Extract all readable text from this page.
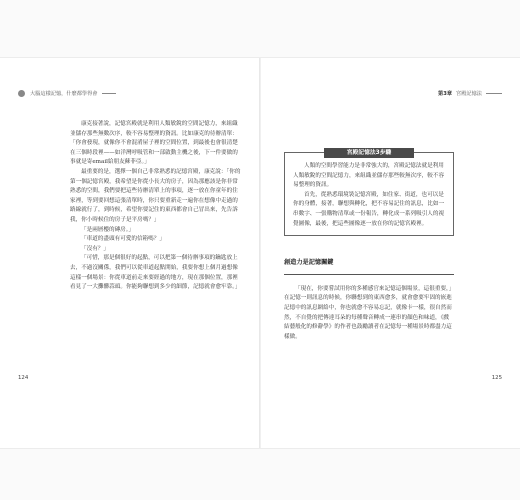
大腦這樣記憶，什麼都學得會	第3章 宮殿記憶法

康克接著說，記憶宮殿就是利用人類敏銳的空間記憶力，來組織並儲存那些無數次序，較不容易整理的資訊。比如康克的待辦清單：「你會發現，就像你不會混淆屋子裡的空間位置，到最後也會很清楚在三個時段裡——如洋灣呼吸管和一部啟動主機之後，下一件要做的事就是寄email給朋友蘇菲亞。」

最重要的是，選擇一個自己非常熟悉的記憶宮殿，康克說：「你的第一個記憶宮殿，我希望是你從小長大的房子，因為那應該是你非常熟悉的空間，我們要把這些待辦清單上的事項，逐一放在你童年的住家裡，等到要回想這張清單時，你只要重新走一遍你在想像中走過的路線就行了，到時候，希望你要記住的東西都會自己冒出來，先告訴我，你小時候住的房子是平房嗎？」

「是兩層樓的磚房。」

「車道的盡頭有可愛的信箱嗎？」

「沒有？」

「可惜，那是個很好的起點，可以把第一個待辦事項的鑰匙放上去，不過沒關係，我們可以從車道起點開始，我要你想上個月過想像這樣一個場景：你從車道前走來要經過的地方，現在那個位置，那裡看見了一大攤髒蒜頭。你能夠聯想到多少的細節，記憶就會愈牢靠。」

宮殿記憶法3步驟

人類的空間學習能力是非常強大的，宮殿記憶法就是利用人類敏銳的空間記憶力，來組織並儲存那些較無次序，較不容易整理的資訊。

首先，從熟悉環境裝記憶宮殿，如住家、街道，也可以是你的身體，接著，聯想與轉化，把不容易記住的訊息，比如一串數字、一張購物清單或一份報告，轉化成一系列吸引人的視覺圖像，最後，把這些圖像逐一放在你的記憶宮殿裡。

創造力是記憶關鍵

「現在，你要嘗試用你的多種感官來記憶這個場景，這很重要，」在記憶一則訊息的時候，你聯想到的東西愈多，就會愈要牢固的嵌進記憶中的訊息網絡中，你也就愈不容易忘記，就像卡一樣，很自然而然，不自覺的把傳達耳朵的每種聲音轉成一連串的顏色和味道，《戲結藝般化的修辭學》的作者也鼓勵讀者在記憶每一種場景時都盡力這樣做。

124	125
